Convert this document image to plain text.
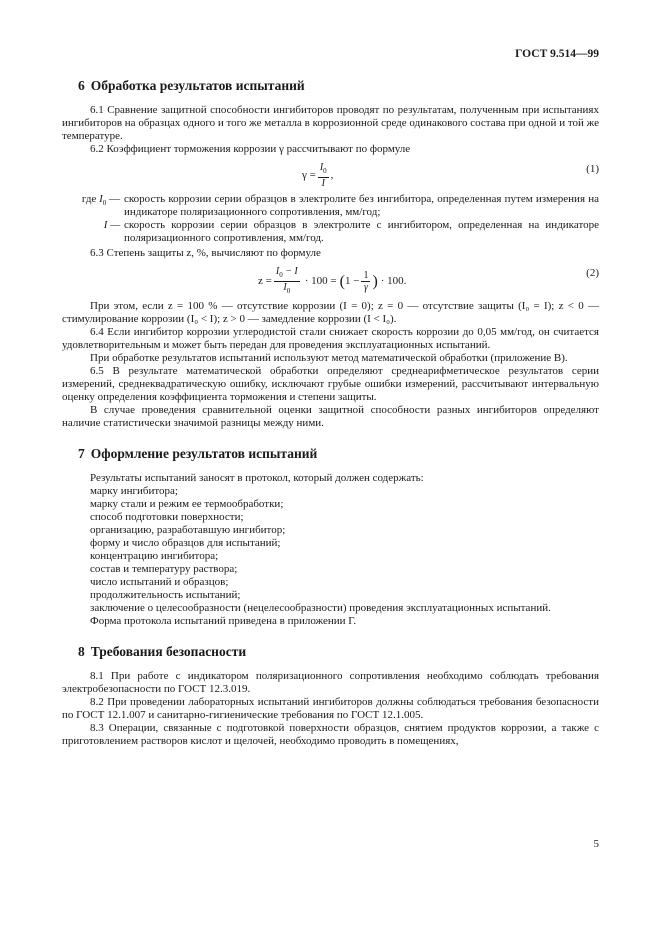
ГОСТ 9.514—99
6 Обработка результатов испытаний

6.1 Сравнение защитной способности ингибиторов проводят по результатам, полученным при испытаниях ингибиторов на образцах одного и того же металла в коррозионной среде одинакового состава при одной и той же температуре.

6.2 Коэффициент торможения коррозии γ рассчитывают по формуле

$\gamma = \frac{I_0}{I}$ ,	(1)
где $I_0$ — скорость коррозии серии образцов в электролите без ингибитора, определенная путем измерения на индикаторе поляризационного сопротивления, мм/год;
I — скорость коррозии серии образцов в электролите с ингибитором, определенная на индикаторе поляризационного сопротивления, мм/год.

6.3 Степень защиты z, %, вычисляют по формуле

$z = \frac{I_0 - I}{I_0} \cdot 100$ = ( $1 - \frac{1}{\gamma}$ ) · 100.
(2)

При этом, если z = 100 % — отсутствие коррозии (I = 0); z = 0 — отсутствие защиты (I₀ = I); z < 0 — стимулирование коррозии (I₀ < I); z > 0 — замедление коррозии (I < I₀).

6.4 Если ингибитор коррозии углеродистой стали снижает скорость коррозии до 0,05 мм/год, он считается удовлетворительным и может быть передан для проведения эксплуатационных испытаний.

При обработке результатов испытаний используют метод математической обработки (приложение В).

6.5 В результате математической обработки определяют среднеарифметическое результатов серии измерений, среднеквадратическую ошибку, исключают грубые ошибки измерений, рассчитывают интервальную оценку определения коэффициента торможения и степени защиты.

В случае проведения сравнительной оценки защитной способности разных ингибиторов определяют наличие статистически значимой разницы между ними.

7 Оформление результатов испытаний

Результаты испытаний заносят в протокол, который должен содержать:

марку ингибитора;

марку стали и режим ее термообработки;

способ подготовки поверхности;

организацию, разработавшую ингибитор;

форму и число образцов для испытаний;

концентрацию ингибитора;

состав и температуру раствора;

число испытаний и образцов;

продолжительность испытаний;

заключение о целесообразности (нецелесообразности) проведения эксплуатационных испытаний.

Форма протокола испытаний приведена в приложении Г.

8 Требования безопасности

8.1 При работе с индикатором поляризационного сопротивления необходимо соблюдать требования электробезопасности по ГОСТ 12.3.019.

8.2 При проведении лабораторных испытаний ингибиторов должны соблюдаться требования безопасности по ГОСТ 12.1.007 и санитарно-гигиенические требования по ГОСТ 12.1.005.

8.3 Операции, связанные с подготовкой поверхности образцов, снятием продуктов коррозии, а также с приготовлением растворов кислот и щелочей, необходимо проводить в помещениях,

5
